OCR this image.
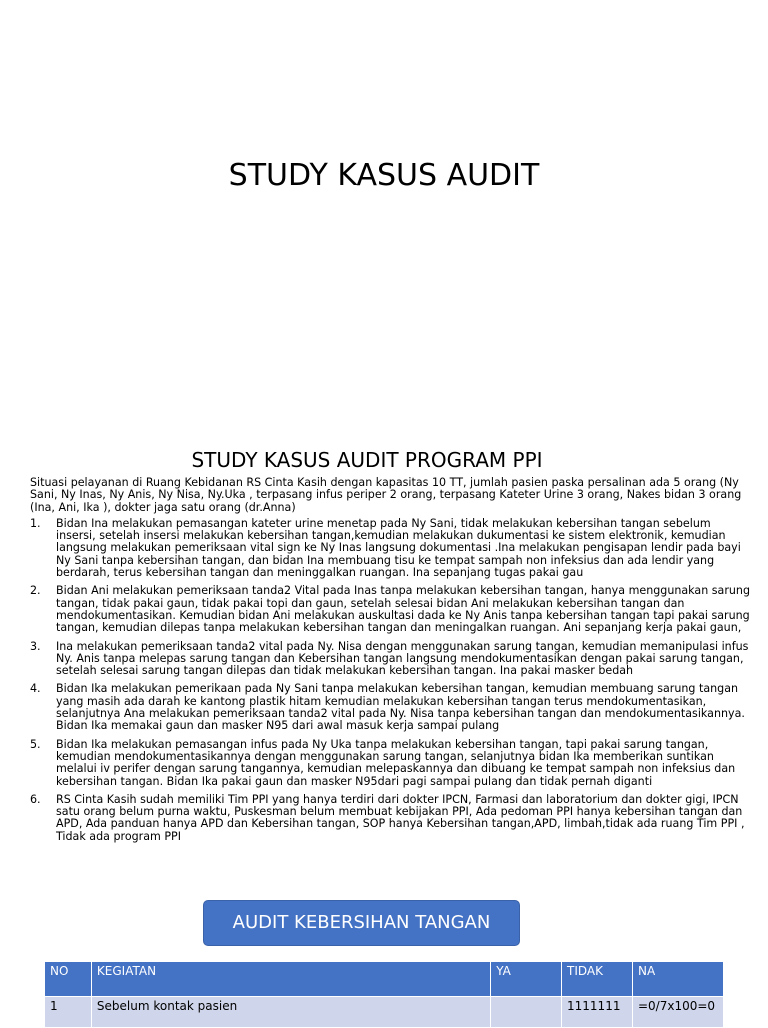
STUDY KASUS AUDIT
STUDY KASUS AUDIT PROGRAM PPI

Situasi pelayanan di Ruang Kebidanan RS Cinta Kasih dengan kapasitas 10 TT, jumlah pasien paska persalinan ada 5 orang (Ny Sani, Ny Inas, Ny Anis, Ny Nisa, Ny.Uka , terpasang infus periper 2 orang, terpasang Kateter Urine 3 orang, Nakes bidan 3 orang (Ina, Ani, Ika ), dokter jaga satu orang (dr.Anna)

1. Bidan Ina melakukan pemasangan kateter urine menetap pada Ny Sani, tidak melakukan kebersihan tangan sebelum insersi, setelah insersi melakukan kebersihan tangan,kemudian melakukan dukumentasi ke sistem elektronik, kemudian langsung melakukan pemeriksaan vital sign ke Ny Inas langsung dokumentasi .Ina melakukan pengisapan lendir pada bayi Ny Sani tanpa kebersihan tangan, dan bidan Ina membuang tisu ke tempat sampah non infeksius dan ada lendir yang berdarah, terus kebersihan tangan dan meninggalkan ruangan. Ina sepanjang tugas pakai gau
2. Bidan Ani melakukan pemeriksaan tanda2 Vital pada Inas tanpa melakukan kebersihan tangan, hanya menggunakan sarung tangan, tidak pakai gaun, tidak pakai topi dan gaun, setelah selesai bidan Ani melakukan kebersihan tangan dan mendokumentasikan. Kemudian bidan Ani melakukan auskultasi dada ke Ny Anis tanpa kebersihan tangan tapi pakai sarung tangan, kemudian dilepas tanpa melakukan kebersihan tangan dan meningalkan ruangan. Ani sepanjang kerja pakai gaun,
3. Ina melakukan pemeriksaan tanda2 vital pada Ny. Nisa dengan menggunakan sarung tangan, kemudian memanipulasi infus Ny. Anis tanpa melepas sarung tangan dan Kebersihan tangan langsung mendokumentasikan dengan pakai sarung tangan, setelah selesai sarung tangan dilepas dan tidak melakukan kebersihan tangan. Ina pakai masker bedah
4. Bidan Ika melakukan pemerikaan pada Ny Sani tanpa melakukan kebersihan tangan, kemudian membuang sarung tangan yang masih ada darah ke kantong plastik hitam kemudian melakukan kebersihan tangan terus mendokumentasikan, selanjutnya Ana melakukan pemeriksaan tanda2 vital pada Ny. Nisa tanpa kebersihan tangan dan mendokumentasikannya. Bidan Ika memakai gaun dan masker N95 dari awal masuk kerja sampai pulang
5. Bidan Ika melakukan pemasangan infus pada Ny Uka tanpa melakukan kebersihan tangan, tapi pakai sarung tangan, kemudian mendokumentasikannya dengan menggunakan sarung tangan, selanjutnya bidan Ika memberikan suntikan melalui iv perifer dengan sarung tangannya, kemudian melepaskannya dan dibuang ke tempat sampah non infeksius dan kebersihan tangan. Bidan Ika pakai gaun dan masker N95dari pagi sampai pulang dan tidak pernah diganti
6. RS Cinta Kasih sudah memiliki Tim PPI yang hanya terdiri dari dokter IPCN, Farmasi dan laboratorium dan dokter gigi, IPCN satu orang belum purna waktu, Puskesman belum membuat kebijakan PPI, Ada pedoman PPI hanya kebersihan tangan dan APD, Ada panduan hanya APD dan Kebersihan tangan, SOP hanya Kebersihan tangan,APD, limbah,tidak ada ruang Tim PPI , Tidak ada program PPI
AUDIT KEBERSIHAN TANGAN
NO	KEGIATAN	YA	TIDAK	NA
1	Sebelum kontak pasien		1111111	=0/7x100=0
